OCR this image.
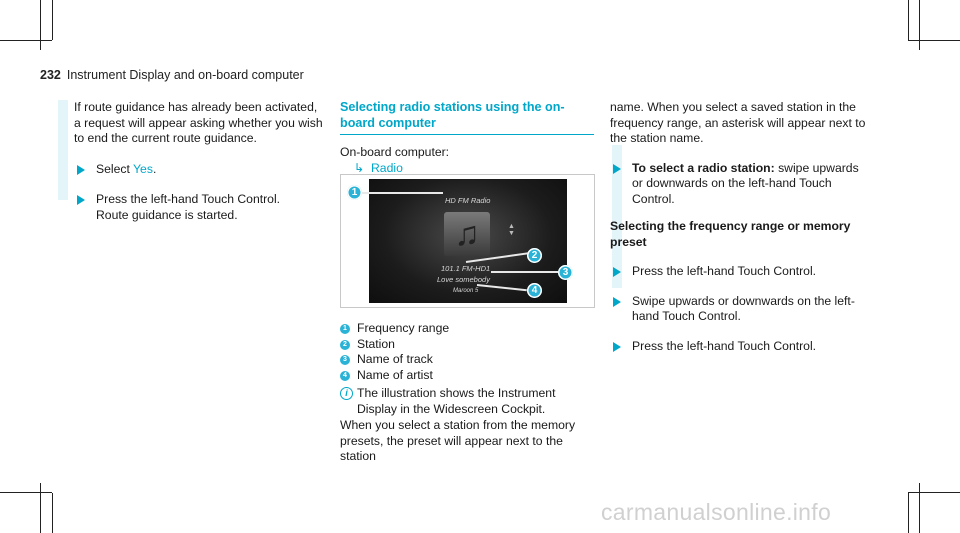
232 Instrument Display and on-board computer

If route guidance has already been activated, a request will appear asking whether you wish to end the current route guidance.

Select Yes.

Press the left-hand Touch Control.
Route guidance is started.

Selecting radio stations using the on-board computer

On-board computer:

↳ Radio

HD FM Radio
♫	▲
▼
101.1 FM-HD1
Love somebody
Maroon 5
1
2
3
4
1 Frequency range
2 Station
3 Name of track
4 Name of artist
i The illustration shows the Instrument Display in the Widescreen Cockpit.

When you select a station from the memory presets, the preset will appear next to the station

name. When you select a saved station in the frequency range, an asterisk will appear next to the station name.

To select a radio station: swipe upwards or downwards on the left-hand Touch Control.

Selecting the frequency range or memory preset

Press the left-hand Touch Control.

Swipe upwards or downwards on the left-hand Touch Control.

Press the left-hand Touch Control.

carmanualsonline.info
